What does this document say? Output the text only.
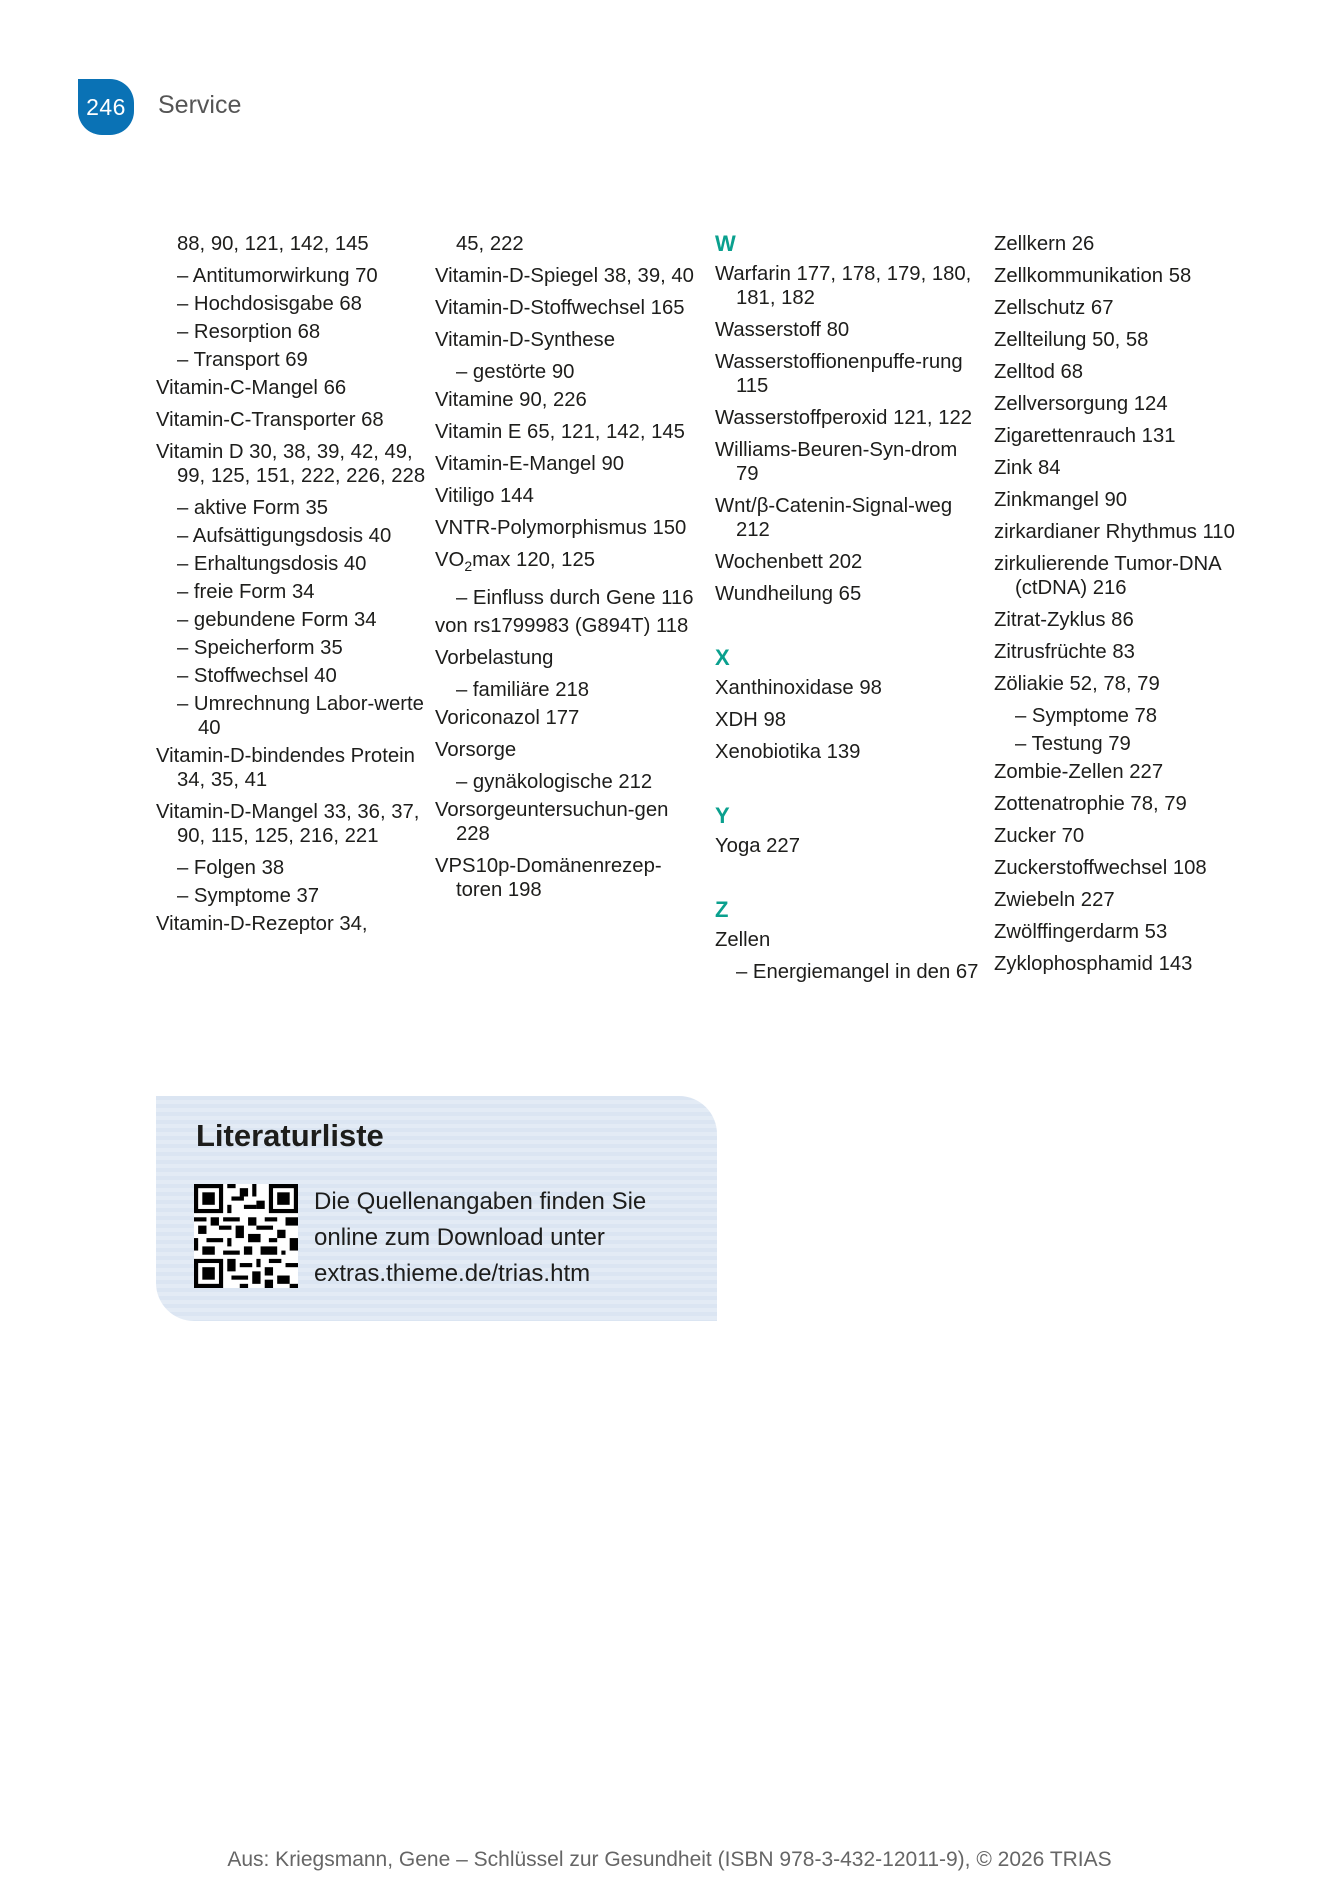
246	Service
88, 90, 121, 142, 145
– Antitumorwirkung 70
– Hochdosisgabe 68
– Resorption 68
– Transport 69
Vitamin-C-Mangel 66
Vitamin-C-Transporter 68
Vitamin D 30, 38, 39, 42, 49, 99, 125, 151, 222, 226, 228
– aktive Form 35
– Aufsättigungsdosis 40
– Erhaltungsdosis 40
– freie Form 34
– gebundene Form 34
– Speicherform 35
– Stoffwechsel 40
– Umrechnung Labor-werte 40
Vitamin-D-bindendes Protein 34, 35, 41
Vitamin-D-Mangel 33, 36, 37, 90, 115, 125, 216, 221
– Folgen 38
– Symptome 37
Vitamin-D-Rezeptor 34,
45, 222
Vitamin-D-Spiegel 38, 39, 40
Vitamin-D-Stoffwechsel 165
Vitamin-D-Synthese
– gestörte 90
Vitamine 90, 226
Vitamin E 65, 121, 142, 145
Vitamin-E-Mangel 90
Vitiligo 144
VNTR-Polymorphismus 150
$VO_2\max$ 120, 125
– Einfluss durch Gene 116
von rs1799983 (G894T) 118
Vorbelastung
– familiäre 218
Voriconazol 177
Vorsorge
– gynäkologische 212
Vorsorgeuntersuchun-gen 228
VPS10p-Domänenrezep-toren 198
W
Warfarin 177, 178, 179, 180, 181, 182
Wasserstoff 80
Wasserstoffionenpuffe-rung 115
Wasserstoffperoxid 121, 122
Williams-Beuren-Syn-drom 79
Wnt/β-Catenin-Signal-weg 212
Wochenbett 202
Wundheilung 65
X
Xanthinoxidase 98
XDH 98
Xenobiotika 139
Y
Yoga 227
Z
Zellen
– Energiemangel in den 67
Zellkern 26
Zellkommunikation 58
Zellschutz 67
Zellteilung 50, 58
Zelltod 68
Zellversorgung 124
Zigarettenrauch 131
Zink 84
Zinkmangel 90
zirkardianer Rhythmus 110
zirkulierende Tumor-DNA (ctDNA) 216
Zitrat-Zyklus 86
Zitrusfrüchte 83
Zöliakie 52, 78, 79
– Symptome 78
– Testung 79
Zombie-Zellen 227
Zottenatrophie 78, 79
Zucker 70
Zuckerstoffwechsel 108
Zwiebeln 227
Zwölffingerdarm 53
Zyklophosphamid 143
Literaturliste
Die Quellenangaben finden Sie
online zum Download unter
extras.thieme.de/trias.htm
Aus: Kriegsmann, Gene – Schlüssel zur Gesundheit (ISBN 978-3-432-12011-9), © 2026 TRIAS
